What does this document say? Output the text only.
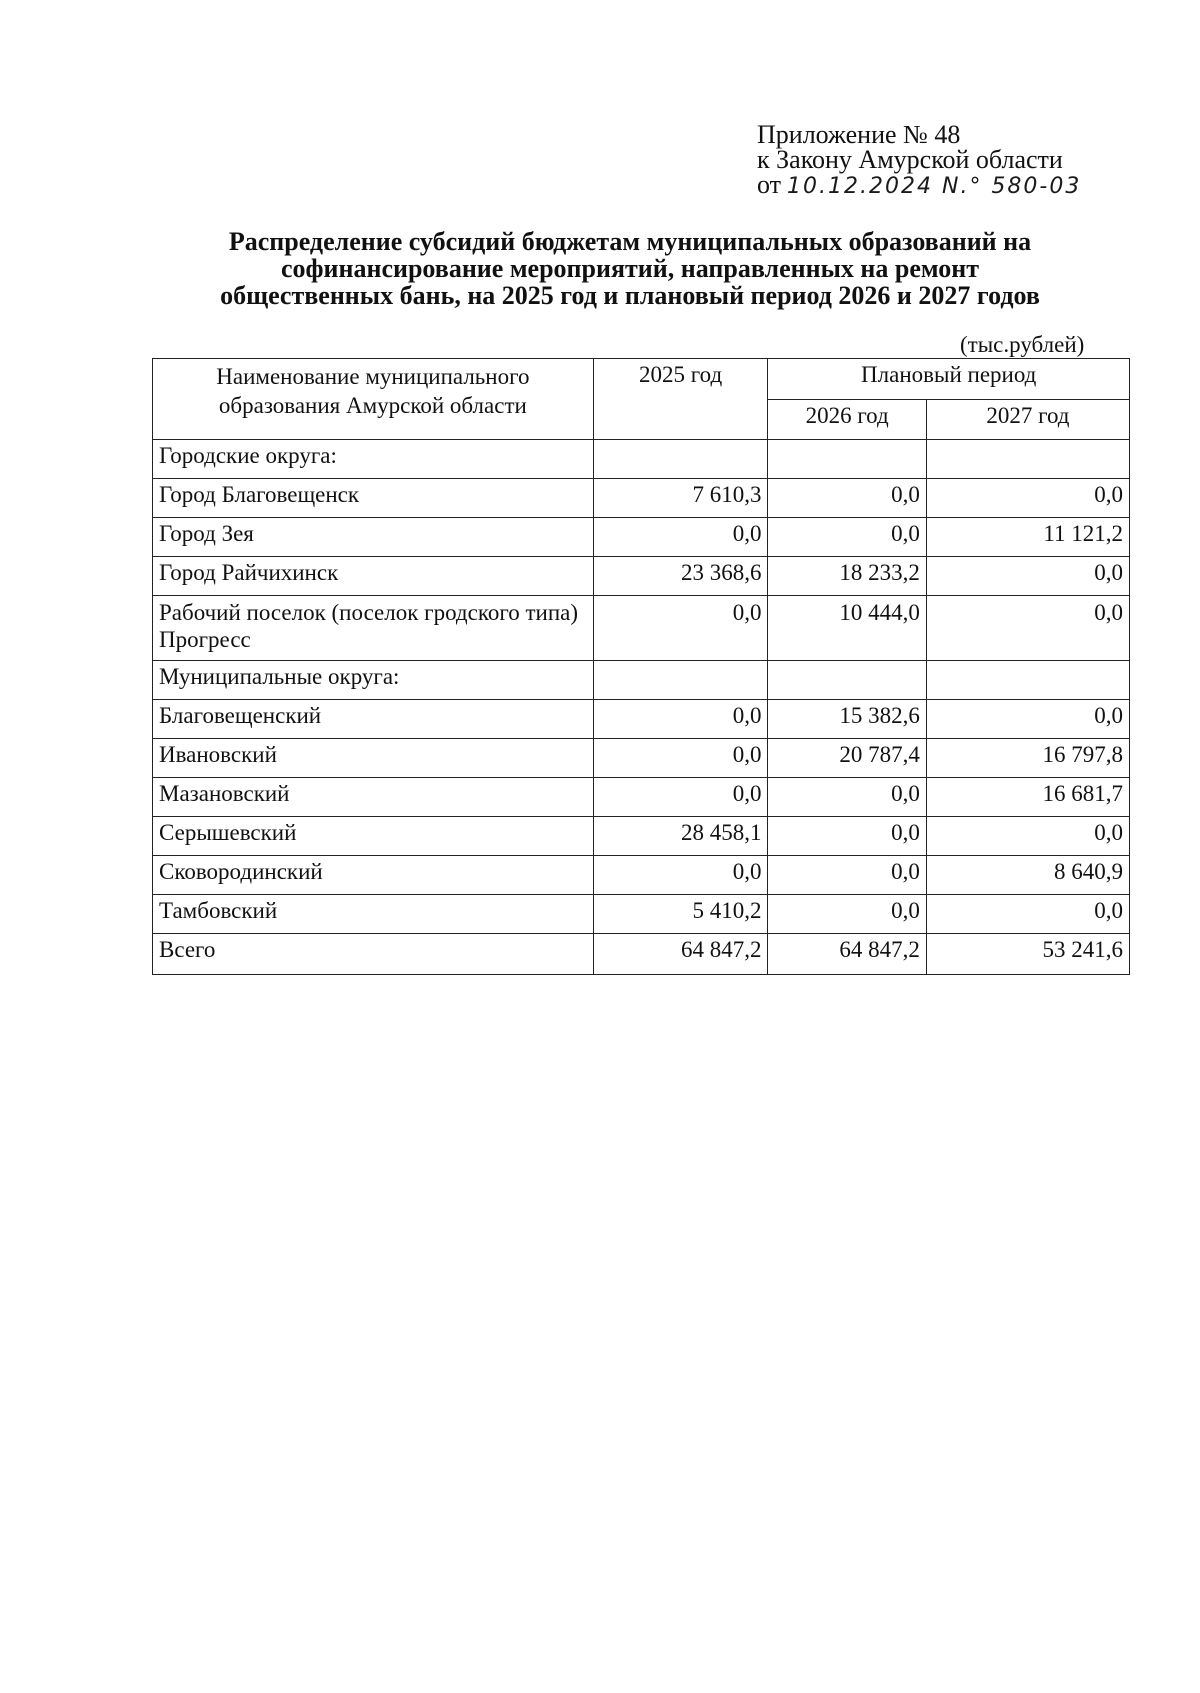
Приложение № 48
к Закону Амурской области
от 10.12.2024 N.° 580-03
Распределение субсидий бюджетам муниципальных образований на
софинансирование мероприятий, направленных на ремонт
общественных бань, на 2025 год и плановый период 2026 и 2027 годов
(тыс.рублей)
Наименование муниципального образования Амурской области	2025 год	Плановый период	
		2026 год	2027 год
Городские округа:			
Город Благовещенск	7 610,3	0,0	0,0
Город Зея	0,0	0,0	11 121,2
Город Райчихинск	23 368,6	18 233,2	0,0
Рабочий поселок (поселок гродского типа) Прогресс	0,0	10 444,0	0,0
Муниципальные округа:			
Благовещенский	0,0	15 382,6	0,0
Ивановский	0,0	20 787,4	16 797,8
Мазановский	0,0	0,0	16 681,7
Серышевский	28 458,1	0,0	0,0
Сковородинский	0,0	0,0	8 640,9
Тамбовский	5 410,2	0,0	0,0
Всего	64 847,2	64 847,2	53 241,6
